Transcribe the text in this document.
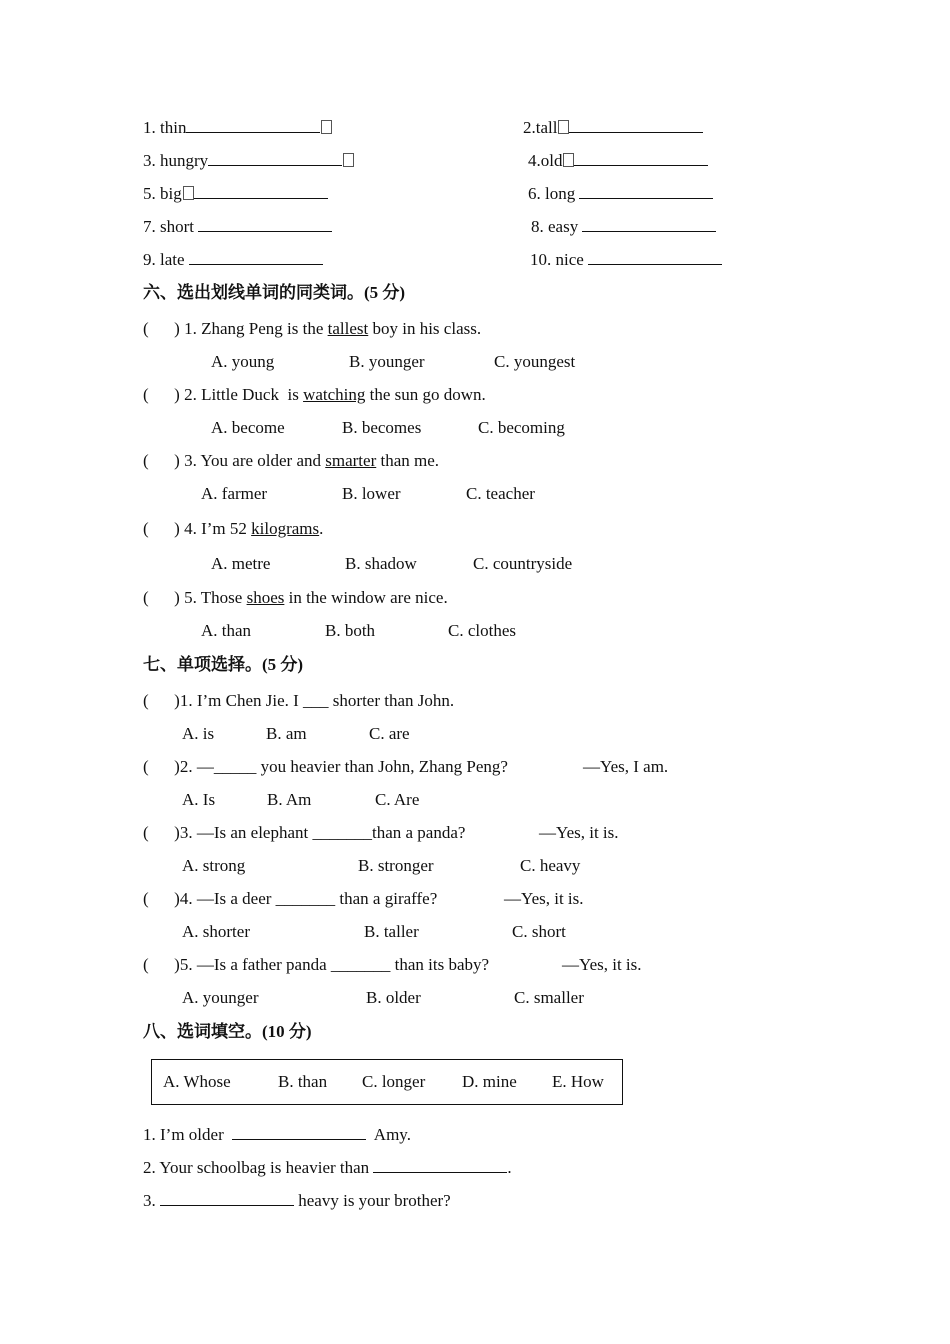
1. thin	2.tall
3. hungry	4.old
5. big	6. long
7. short	8. easy
9. late	10. nice
六、选出划线单词的同类词。(5 分)
(      ) 1. Zhang Peng is the tallest boy in his class.
A. young	B. younger	C. youngest
(      ) 2. Little Duck  is watching the sun go down.
A. become	B. becomes	C. becoming
(      ) 3. You are older and smarter than me.
A. farmer	B. lower	C. teacher
(      ) 4. I’m 52 kilograms.
A. metre	B. shadow	C. countryside
(      ) 5. Those shoes in the window are nice.
A. than	B. both	C. clothes
七、单项选择。(5 分)
(      )1. I’m Chen Jie. I ___ shorter than John.
A. is	B. am	C. are
(      )2. —_____ you heavier than John, Zhang Peng?	—Yes, I am.
A. Is	B. Am	C. Are
(      )3. —Is an elephant _______than a panda?	—Yes, it is.
A. strong	B. stronger	C. heavy
(      )4. —Is a deer _______ than a giraffe?	—Yes, it is.
A. shorter	B. taller	C. short
(      )5. —Is a father panda _______ than its baby?	—Yes, it is.
A. younger	B. older	C. smaller
八、选词填空。(10 分)
A. Whose	B. than C. longer D. mine E. How
1. I’m older	Amy.
2. Your schoolbag is heavier than	.
3.	heavy is your brother?
